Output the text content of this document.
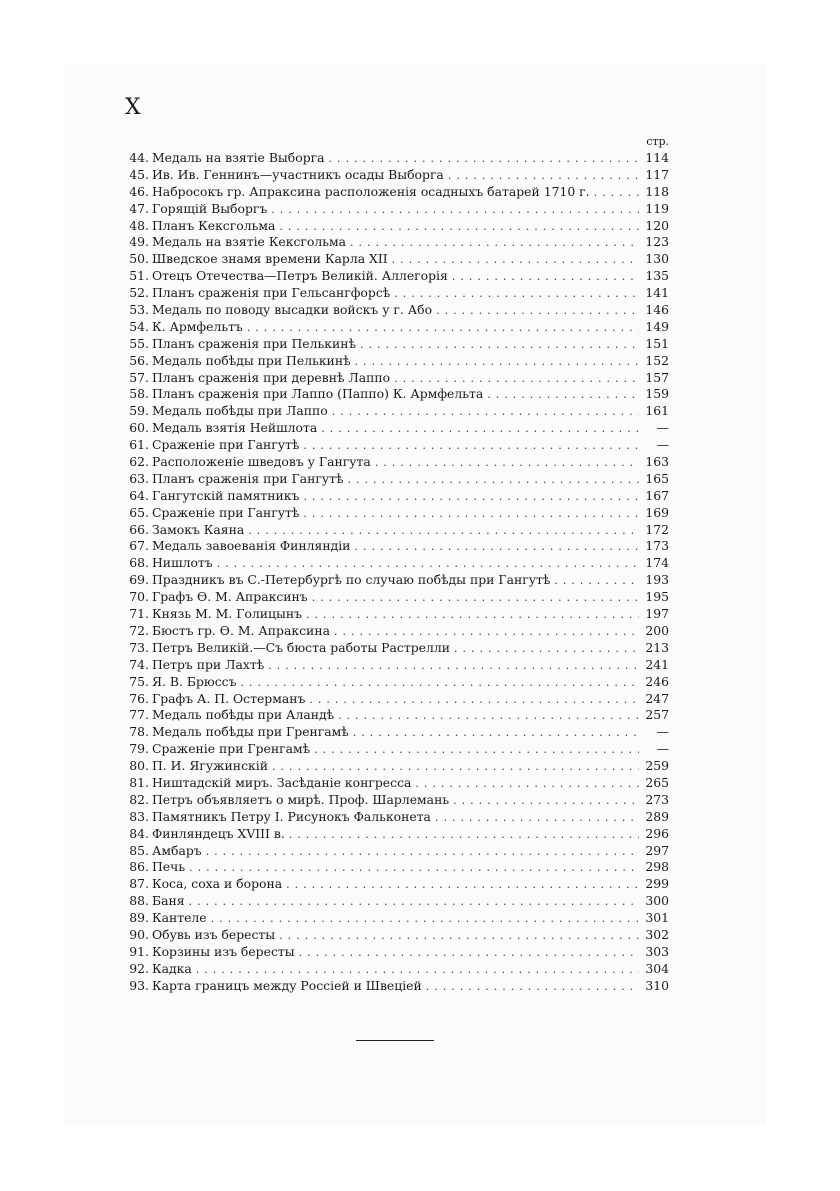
X
стр.
44. Медаль на взятіе Выборга .....	114
45. Ив. Ив. Геннинъ—участникъ осады Выборга .....	117
46. Набросокъ гр. Апраксина расположенія осадныхъ батарей 1710 г. .....	118
47. Горящій Выборгъ .....	119
48. Планъ Кексгольма .....	120
49. Медаль на взятіе Кексгольма .....	123
50. Шведское знамя времени Карла XII .....	130
51. Отецъ Отечества—Петръ Великій. Аллегорія .....	135
52. Планъ сраженія при Гельсангфорсѣ .....	141
53. Медаль по поводу высадки войскъ у г. Або .....	146
54. К. Армфельтъ .....	149
55. Планъ сраженія при Пелькинѣ .....	151
56. Медаль побѣды при Пелькинѣ .....	152
57. Планъ сраженія при деревнѣ Лаппо .....	157
58. Планъ сраженія при Лаппо (Паппо) К. Армфельта .....	159
59. Медаль побѣды при Лаппо .....	161
60. Медаль взятія Нейшлота .....	—
61. Сраженіе при Гангутѣ .....	—
62. Расположеніе шведовъ у Гангута .....	163
63. Планъ сраженія при Гангутѣ .....	165
64. Гангутскій памятникъ .....	167
65. Сраженіе при Гангутѣ .....	169
66. Замокъ Каяна .....	172
67. Медаль завоеванія Финляндіи .....	173
68. Нишлотъ .....	174
69. Праздникъ въ С.-Петербургѣ по случаю побѣды при Гангутѣ .....	193
70. Графъ Ѳ. М. Апраксинъ .....	195
71. Князь М. М. Голицынъ .....	197
72. Бюстъ гр. Ѳ. М. Апраксина .....	200
73. Петръ Великій.—Съ бюста работы Растрелли .....	213
74. Петръ при Лахтѣ .....	241
75. Я. В. Брюссъ .....	246
76. Графъ А. П. Остерманъ .....	247
77. Медаль побѣды при Аландѣ .....	257
78. Медаль побѣды при Гренгамѣ .....	—
79. Сраженіе при Гренгамѣ .....	—
80. П. И. Ягужинскій .....	259
81. Ништадскій миръ. Засѣданіе конгресса .....	265
82. Петръ объявляетъ о мирѣ. Проф. Шарлемань .....	273
83. Памятникъ Петру I. Рисунокъ Фальконета .....	289
84. Финляндецъ XVIII в. .....	296
85. Амбаръ .....	297
86. Печь .....	298
87. Коса, соха и борона .....	299
88. Баня .....	300
89. Кантеле .....	301
90. Обувь изъ бересты .....	302
91. Корзины изъ бересты .....	303
92. Кадка .....	304
93. Карта границъ между Россіей и Швеціей .....	310
